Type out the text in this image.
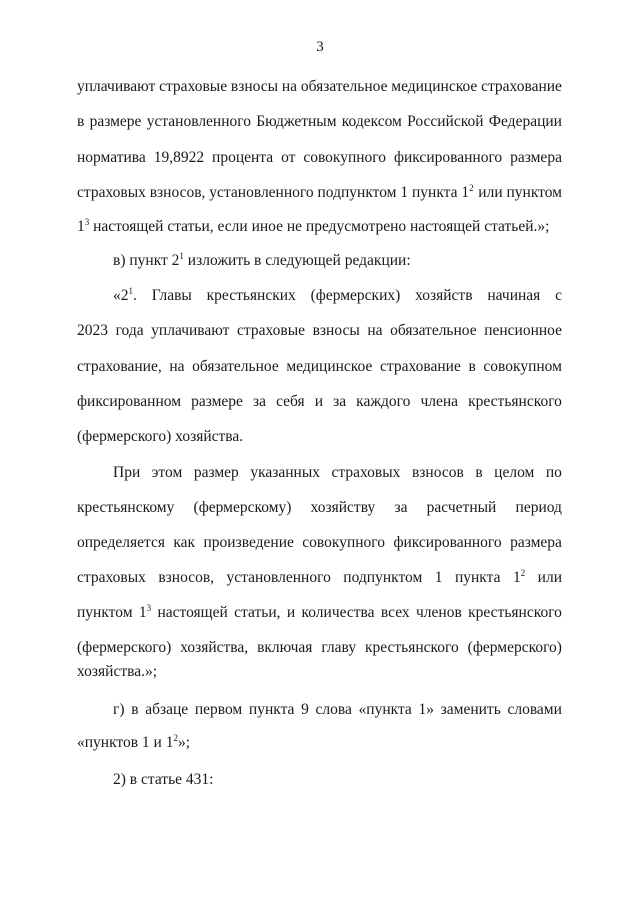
3
уплачивают страховые взносы на обязательное медицинское страхование
в размере установленного Бюджетным кодексом Российской Федерации
норматива 19,8922 процента от совокупного фиксированного размера
страховых взносов, установленного подпунктом 1 пункта $1^2$ или пунктом
$1^3$ настоящей статьи, если иное не предусмотрено настоящей статьей.»;
в) пункт $2^1$ изложить в следующей редакции:
«$2^1$. Главы крестьянских (фермерских) хозяйств начиная с
2023 года уплачивают страховые взносы на обязательное пенсионное
страхование, на обязательное медицинское страхование в совокупном
фиксированном размере за себя и за каждого члена крестьянского
(фермерского) хозяйства.
При этом размер указанных страховых взносов в целом по
крестьянскому (фермерскому) хозяйству за расчетный период
определяется как произведение совокупного фиксированного размера
страховых взносов, установленного подпунктом 1 пункта $1^2$ или
пунктом $1^3$ настоящей статьи, и количества всех членов крестьянского
(фермерского) хозяйства, включая главу крестьянского (фермерского)
хозяйства.»;
г) в абзаце первом пункта 9 слова «пункта 1» заменить словами
«пунктов 1 и $1^2$»;
2) в статье 431:
